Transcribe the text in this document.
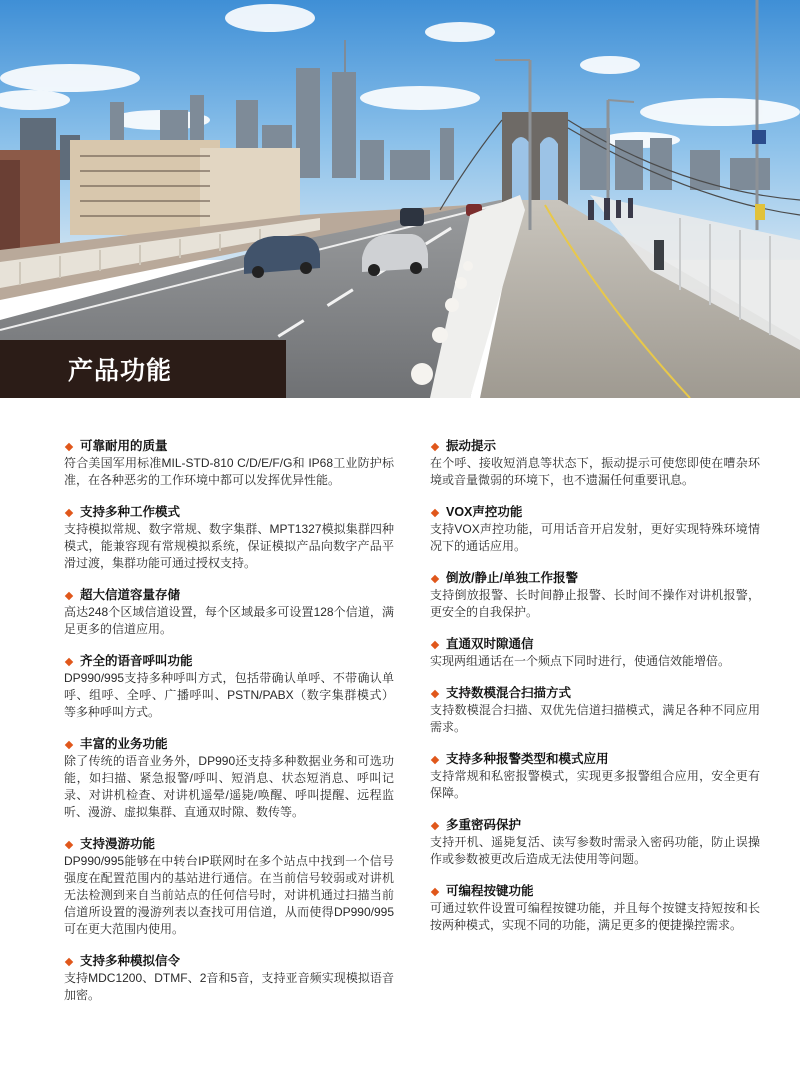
产品功能
可靠耐用的质量
符合美国军用标准MIL-STD-810 C/D/E/F/G和 IP68工业防护标准，在各种恶劣的工作环境中都可以发挥优异性能。
支持多种工作模式
支持模拟常规、数字常规、数字集群、MPT1327模拟集群四种模式，能兼容现有常规模拟系统，保证模拟产品向数字产品平滑过渡，集群功能可通过授权支持。
超大信道容量存储
高达248个区域信道设置，每个区域最多可设置128个信道，满足更多的信道应用。
齐全的语音呼叫功能
DP990/995支持多种呼叫方式，包括带确认单呼、不带确认单呼、组呼、全呼、广播呼叫、PSTN/PABX（数字集群模式）等多种呼叫方式。
丰富的业务功能
除了传统的语音业务外，DP990还支持多种数据业务和可选功能，如扫描、紧急报警/呼叫、短消息、状态短消息、呼叫记录、对讲机检查、对讲机遥晕/遥毙/唤醒、呼叫提醒、远程监听、漫游、虚拟集群、直通双时隙、数传等。
支持漫游功能
DP990/995能够在中转台IP联网时在多个站点中找到一个信号强度在配置范围内的基站进行通信。在当前信号较弱或对讲机无法检测到来自当前站点的任何信号时，对讲机通过扫描当前信道所设置的漫游列表以查找可用信道，从而使得DP990/995可在更大范围内使用。
支持多种模拟信令
支持MDC1200、DTMF、2音和5音，支持亚音频实现模拟语音加密。
振动提示
在个呼、接收短消息等状态下，振动提示可使您即使在嘈杂环境或音量微弱的环境下，也不遗漏任何重要讯息。
VOX声控功能
支持VOX声控功能，可用话音开启发射，更好实现特殊环境情况下的通话应用。
倒放/静止/单独工作报警
支持倒放报警、长时间静止报警、长时间不操作对讲机报警，更安全的自我保护。
直通双时隙通信
实现两组通话在一个频点下同时进行，使通信效能增倍。
支持数模混合扫描方式
支持数模混合扫描、双优先信道扫描模式，满足各种不同应用需求。
支持多种报警类型和模式应用
支持常规和私密报警模式，实现更多报警组合应用，安全更有保障。
多重密码保护
支持开机、遥毙复活、读写参数时需录入密码功能，防止误操作或参数被更改后造成无法使用等问题。
可编程按键功能
可通过软件设置可编程按键功能，并且每个按键支持短按和长按两种模式，实现不同的功能，满足更多的便捷操控需求。
